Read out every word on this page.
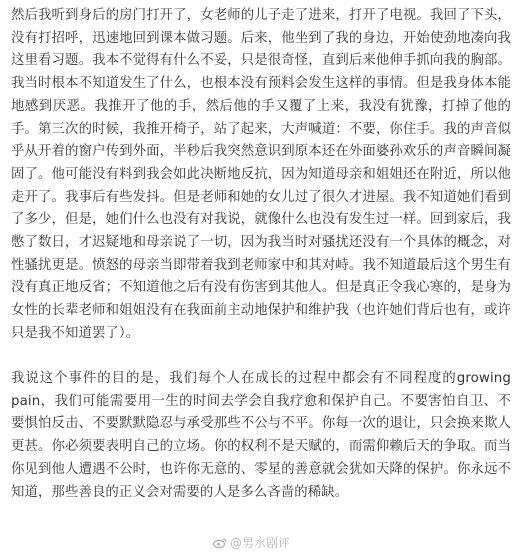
然后我听到身后的房门打开了，女老师的儿子走了进来，打开了电视。我回了下头，没有打招呼，迅速地回到课本做习题。后来，他坐到了我的身边，开始使劲地凑向我这里看习题。我本不觉得有什么不妥，只是很奇怪，直到后来他伸手抓向我的胸部。我当时根本不知道发生了什么，也根本没有预料会发生这样的事情。但是我身体本能地感到厌恶。我推开了他的手，然后他的手又覆了上来，我没有犹豫，打掉了他的手。第三次的时候，我推开椅子，站了起来，大声喊道：不要，你住手。我的声音似乎从开着的窗户传到外面，半秒后我突然意识到原本还在外面婆孙欢乐的声音瞬间凝固了。他可能没有料到我会如此决断地反抗，因为知道母亲和姐姐还在附近，所以他走开了。我事后有些发抖。但是老师和她的女儿过了很久才进屋。我不知道她们看到了多少，但是，她们什么也没有对我说，就像什么也没有发生过一样。回到家后，我憋了数日，才迟疑地和母亲说了一切，因为我当时对骚扰还没有一个具体的概念，对性骚扰更是。愤怒的母亲当即带着我到老师家中和其对峙。我不知道最后这个男生有没有真正地反省；不知道他之后有没有伤害到其他人。但是真正令我心寒的，是身为女性的长辈老师和姐姐没有在我面前主动地保护和维护我（也许她们背后也有，或许只是我不知道罢了）。

我说这个事件的目的是，我们每个人在成长的过程中都会有不同程度的growing pain，我们可能需要用一生的时间去学会自我疗愈和保护自己。不要害怕自卫、不要惧怕反击、不要默默隐忍与承受那些不公与不平。你每一次的退让，只会换来欺人更甚。你必须要表明自己的立场。你的权利不是天赋的，而需仰赖后天的争取。而当你见到他人遭遇不公时，也许你无意的、零星的善意就会犹如天降的保护。你永远不知道，那些善良的正义会对需要的人是多么吝啬的稀缺。

@男水剧评
